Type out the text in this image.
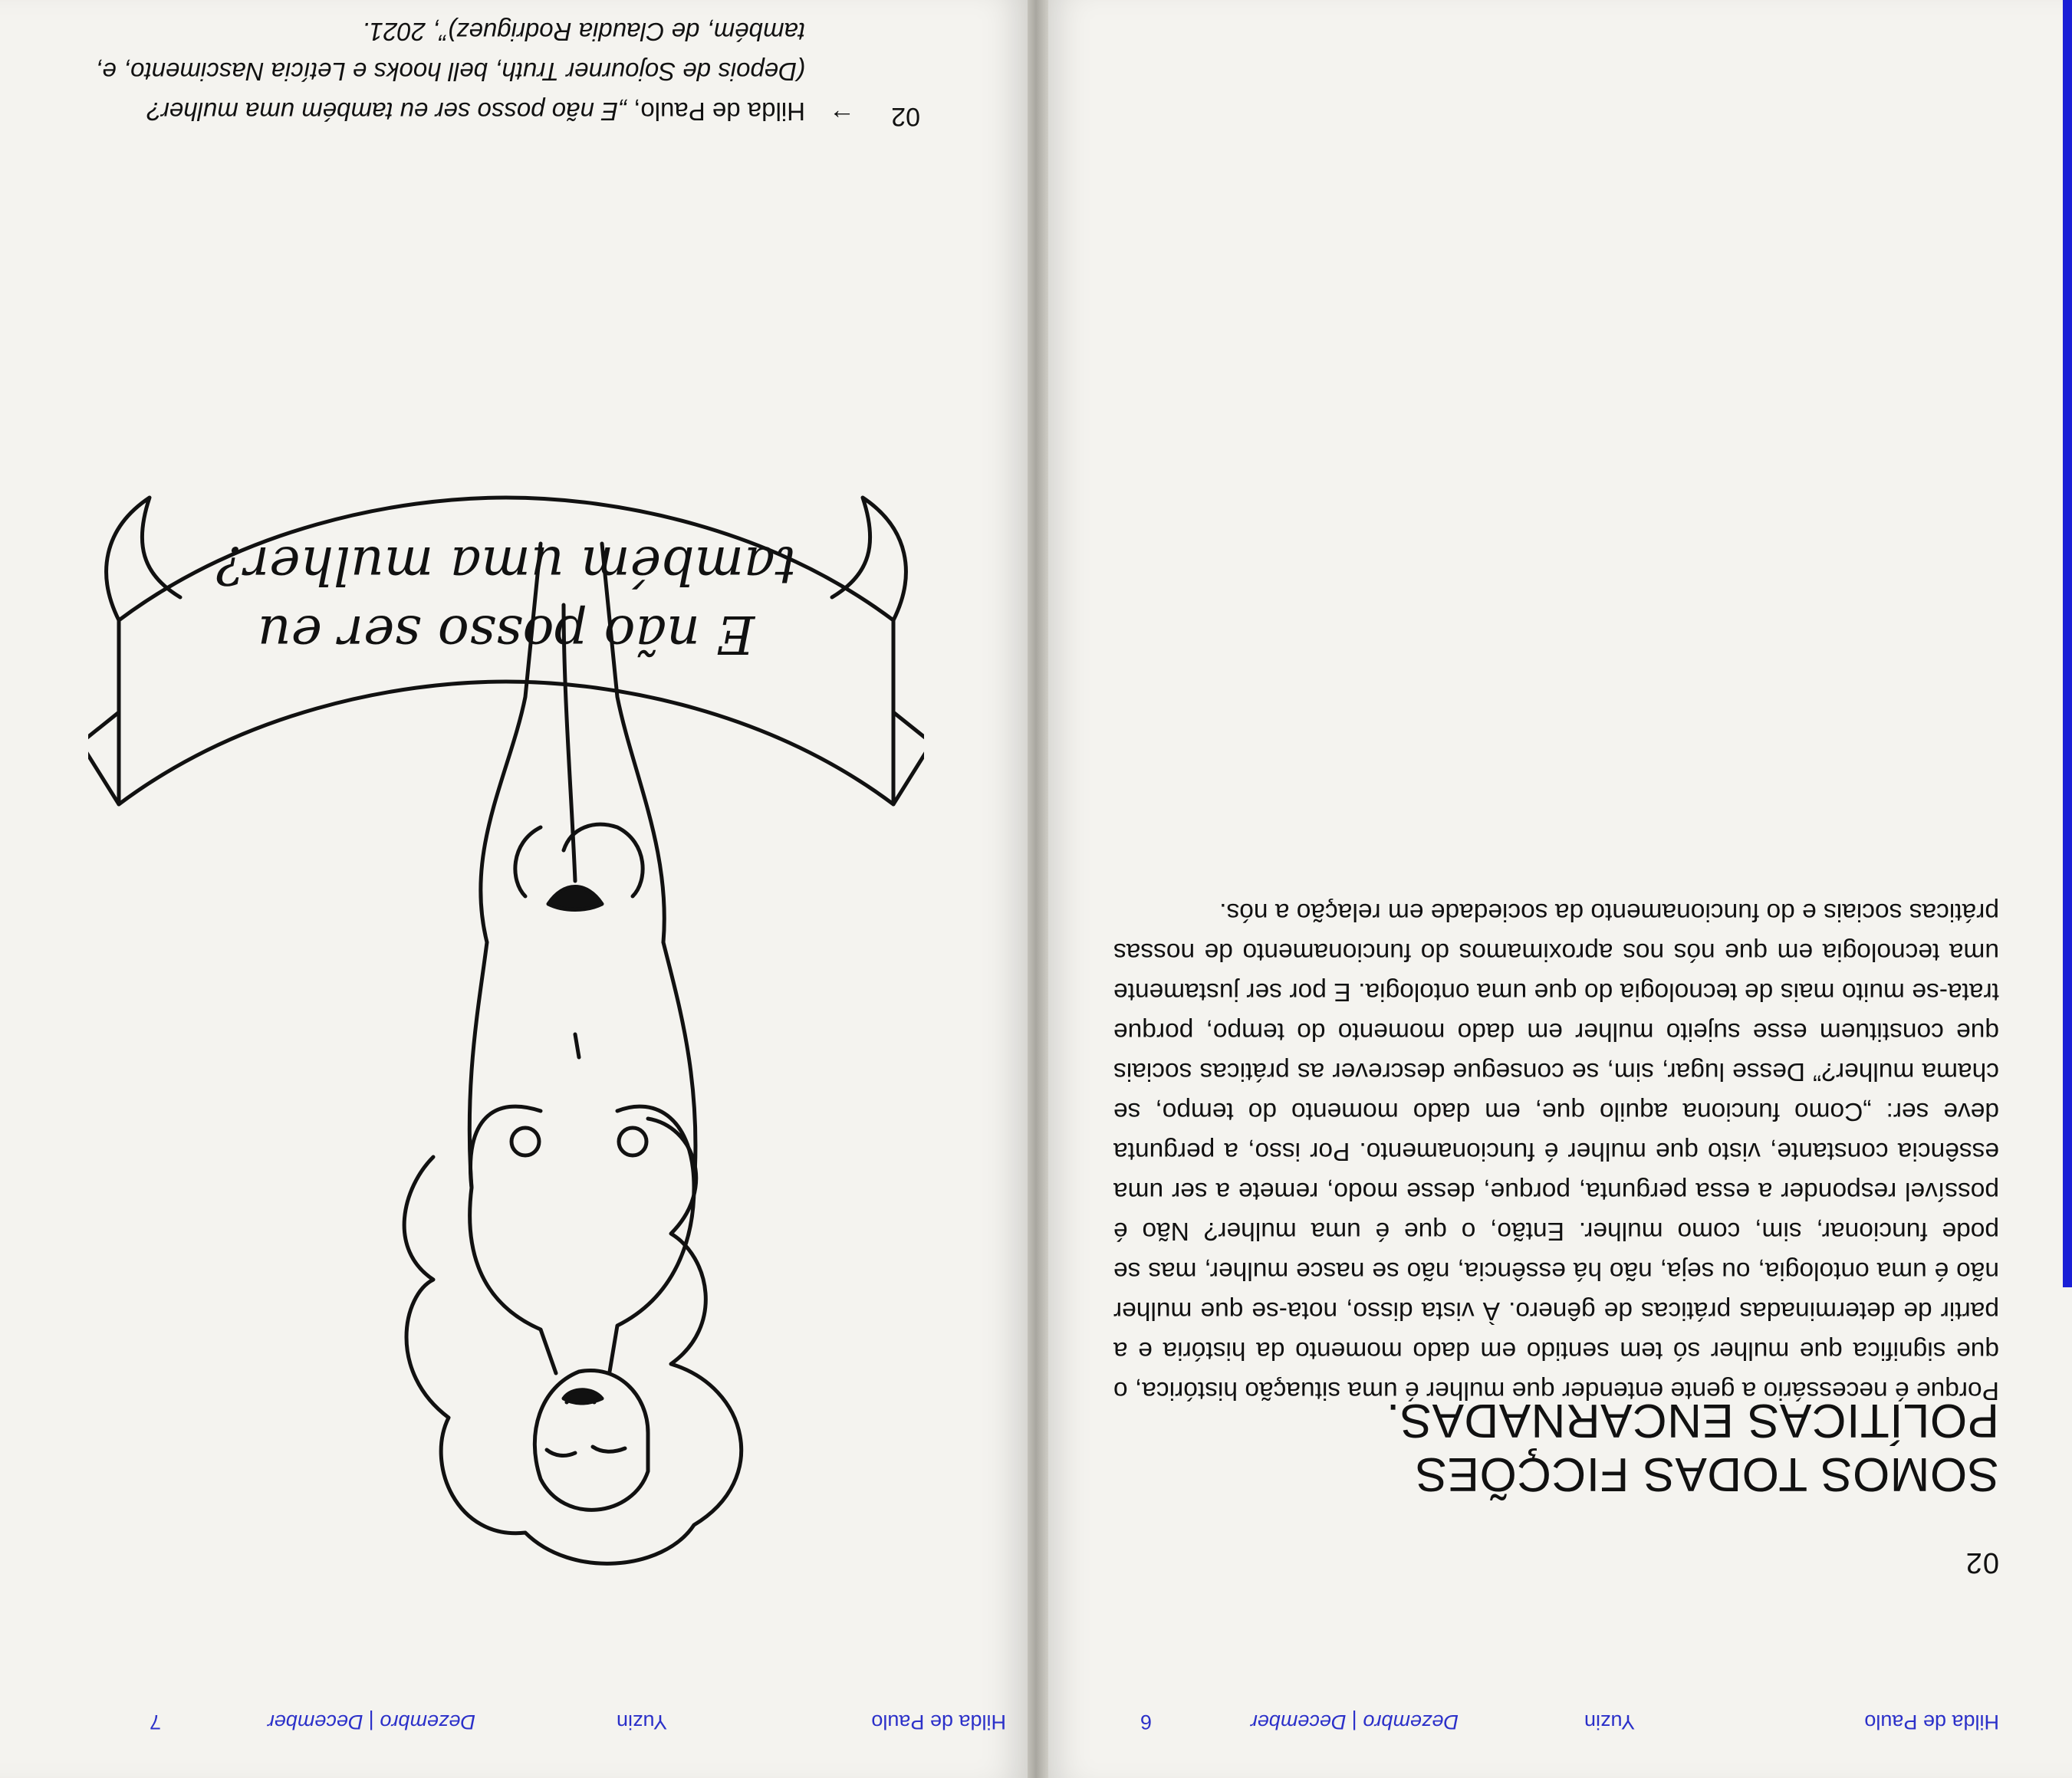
Hilda de Paulo
Yuzin
Dezembro | December
6
02
SOMOS TODAS FICÇÕES POLÍTICAS ENCARNADAS.

Porque é necessário a gente entender que mulher é uma situação histórica, o que significa que mulher só tem sentido em dado momento da história e a partir de determinadas práticas de gênero. À vista disso, nota-se que mulher não é uma ontologia, ou seja, não há essência, não se nasce mulher, mas se pode funcionar, sim, como mulher. Então, o que é uma mulher? Não é possível responder a essa pergunta, porque, desse modo, remete a ser uma essência constante, visto que mulher é funcionamento. Por isso, a pergunta deve ser: „Como funciona aquilo que, em dado momento do tempo, se chama mulher?” Desse lugar, sim, se consegue descrever as práticas sociais que constituem esse sujeito mulher em dado momento do tempo, porque trata-se muito mais de tecnologia do que uma ontologia. E por ser justamente uma tecnologia em que nós nos aproximamos do funcionamento de nossas práticas sociais e do funcionamento da sociedade em relação a nós.

Hilda de Paulo
Yuzin
Dezembro | December
7
E não posso ser eu
também uma mulher?
02
→

Hilda de Paulo, „E não posso ser eu também uma mulher? (Depois de Sojourner Truth, bell hooks e Letícia Nascimento, e, também, de Claudia Rodriguez)”, 2021.
